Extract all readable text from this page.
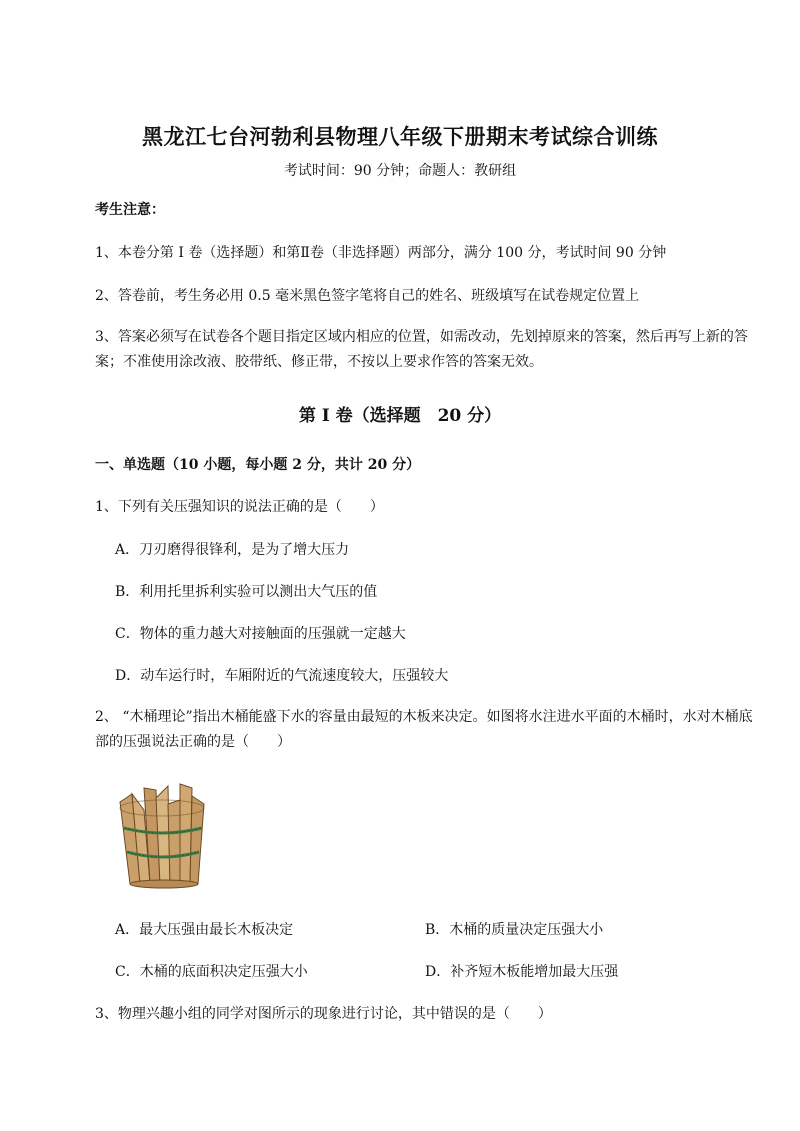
黑龙江七台河勃利县物理八年级下册期末考试综合训练
考试时间：90 分钟；命题人：教研组
考生注意：
1、本卷分第 I 卷（选择题）和第Ⅱ卷（非选择题）两部分，满分 100 分，考试时间 90 分钟
2、答卷前，考生务必用 0.5 毫米黑色签字笔将自己的姓名、班级填写在试卷规定位置上
3、答案必须写在试卷各个题目指定区域内相应的位置，如需改动，先划掉原来的答案，然后再写上新的答案；不准使用涂改液、胶带纸、修正带，不按以上要求作答的答案无效。
第 I 卷（选择题　20 分）
一、单选题（10 小题，每小题 2 分，共计 20 分）
1、下列有关压强知识的说法正确的是（　　）
A．刀刃磨得很锋利，是为了增大压力
B．利用托里拆利实验可以测出大气压的值
C．物体的重力越大对接触面的压强就一定越大
D．动车运行时，车厢附近的气流速度较大，压强较大
2、 “木桶理论”指出木桶能盛下水的容量由最短的木板来决定。如图将水注进水平面的木桶时，水对木桶底部的压强说法正确的是（　　）
A．最大压强由最长木板决定	B．木桶的质量决定压强大小
C．木桶的底面积决定压强大小	D．补齐短木板能增加最大压强
3、物理兴趣小组的同学对图所示的现象进行讨论，其中错误的是（　　）
